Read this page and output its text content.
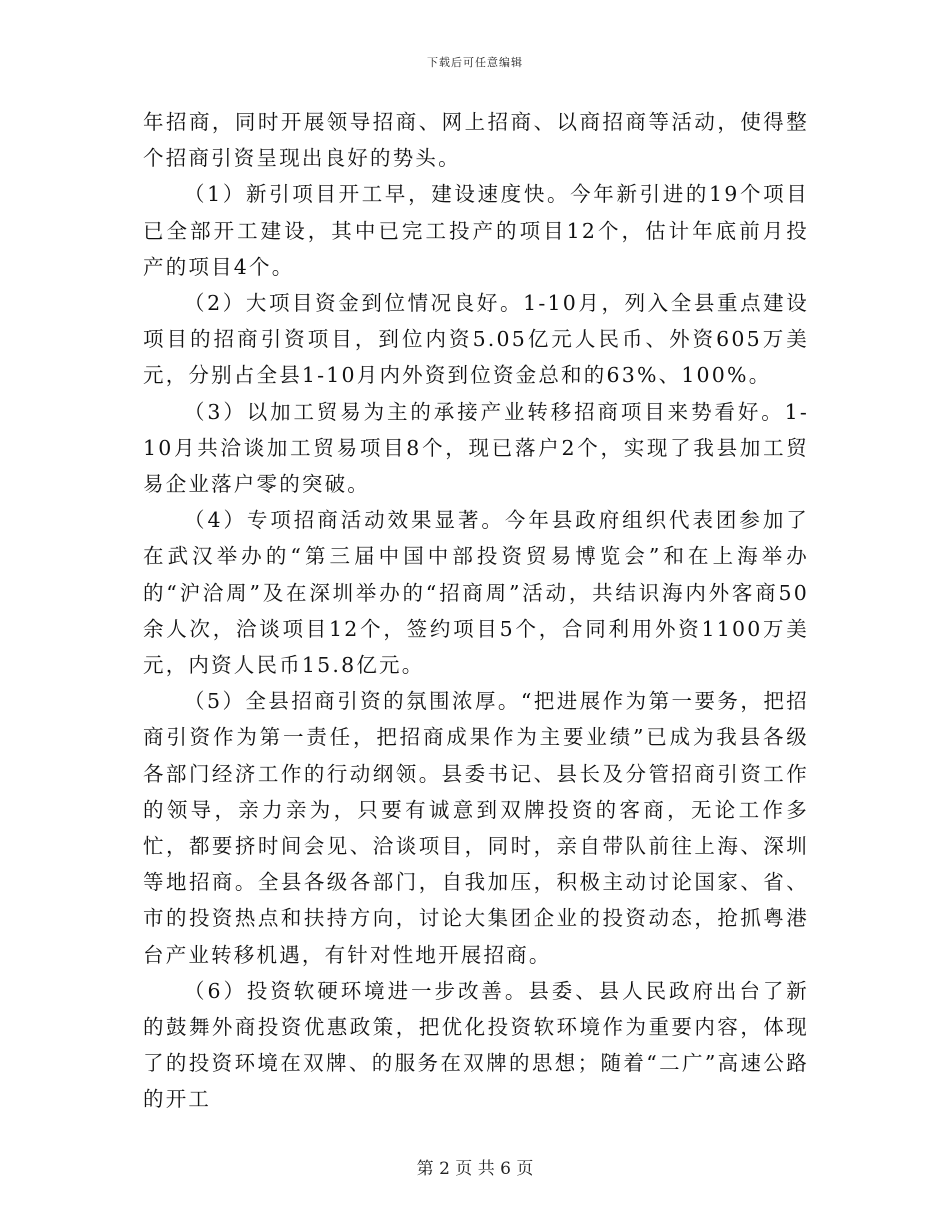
下载后可任意编辑

年招商，同时开展领导招商、网上招商、以商招商等活动，使得整个招商引资呈现出良好的势头。

（1）新引项目开工早，建设速度快。今年新引进的19个项目已全部开工建设，其中已完工投产的项目12个，估计年底前月投产的项目4个。

（2）大项目资金到位情况良好。1-10月，列入全县重点建设项目的招商引资项目，到位内资5.05亿元人民币、外资605万美元，分别占全县1-10月内外资到位资金总和的63%、100%。

（3）以加工贸易为主的承接产业转移招商项目来势看好。1-10月共洽谈加工贸易项目8个，现已落户2个，实现了我县加工贸易企业落户零的突破。

（4）专项招商活动效果显著。今年县政府组织代表团参加了在武汉举办的“第三届中国中部投资贸易博览会”和在上海举办的“沪洽周”及在深圳举办的“招商周”活动，共结识海内外客商50余人次，洽谈项目12个，签约项目5个，合同利用外资1100万美元，内资人民币15.8亿元。

（5）全县招商引资的氛围浓厚。“把进展作为第一要务，把招商引资作为第一责任，把招商成果作为主要业绩”已成为我县各级各部门经济工作的行动纲领。县委书记、县长及分管招商引资工作的领导，亲力亲为，只要有诚意到双牌投资的客商，无论工作多忙，都要挤时间会见、洽谈项目，同时，亲自带队前往上海、深圳等地招商。全县各级各部门，自我加压，积极主动讨论国家、省、市的投资热点和扶持方向，讨论大集团企业的投资动态，抢抓粤港台产业转移机遇，有针对性地开展招商。

（6）投资软硬环境进一步改善。县委、县人民政府出台了新的鼓舞外商投资优惠政策，把优化投资软环境作为重要内容，体现了的投资环境在双牌、的服务在双牌的思想；随着“二广”高速公路的开工

第 2 页 共 6 页
